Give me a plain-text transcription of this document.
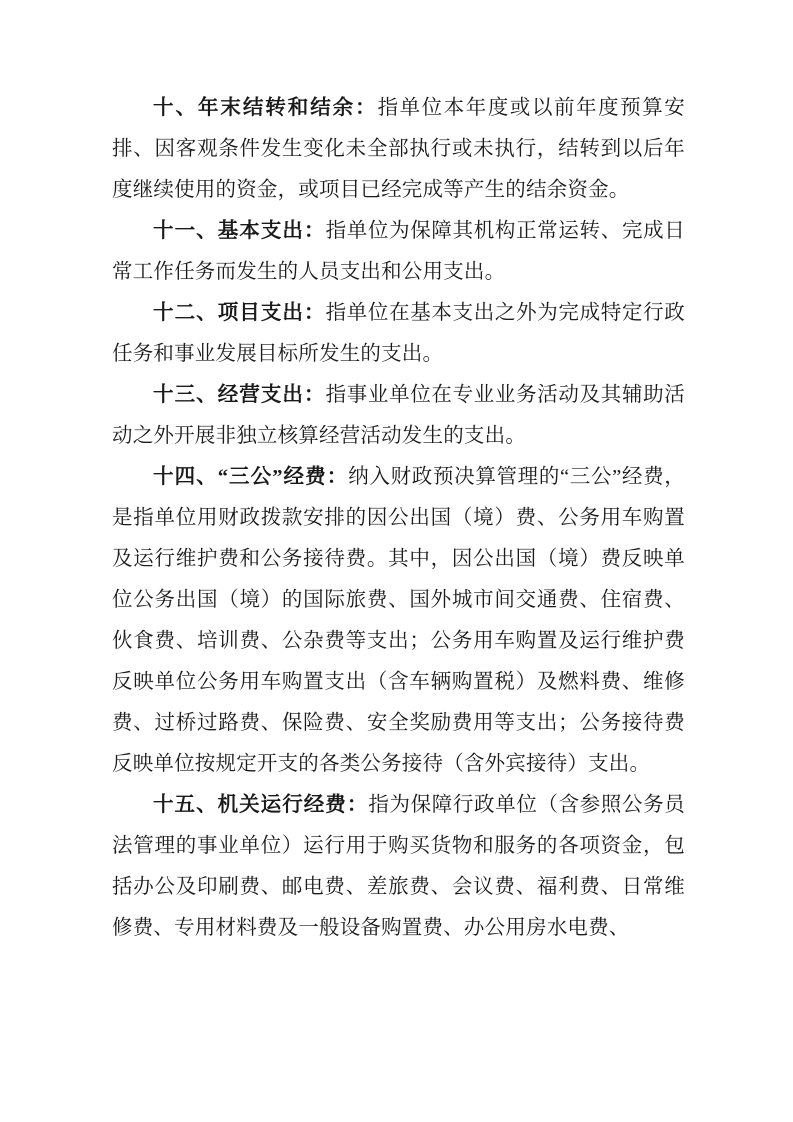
十、年末结转和结余：指单位本年度或以前年度预算安排、因客观条件发生变化未全部执行或未执行，结转到以后年度继续使用的资金，或项目已经完成等产生的结余资金。

十一、基本支出：指单位为保障其机构正常运转、完成日常工作任务而发生的人员支出和公用支出。

十二、项目支出：指单位在基本支出之外为完成特定行政任务和事业发展目标所发生的支出。

十三、经营支出：指事业单位在专业业务活动及其辅助活动之外开展非独立核算经营活动发生的支出。

十四、“三公”经费：纳入财政预决算管理的“三公”经费，是指单位用财政拨款安排的因公出国（境）费、公务用车购置及运行维护费和公务接待费。其中，因公出国（境）费反映单位公务出国（境）的国际旅费、国外城市间交通费、住宿费、伙食费、培训费、公杂费等支出；公务用车购置及运行维护费反映单位公务用车购置支出（含车辆购置税）及燃料费、维修费、过桥过路费、保险费、安全奖励费用等支出；公务接待费反映单位按规定开支的各类公务接待（含外宾接待）支出。

十五、机关运行经费：指为保障行政单位（含参照公务员法管理的事业单位）运行用于购买货物和服务的各项资金，包括办公及印刷费、邮电费、差旅费、会议费、福利费、日常维修费、专用材料费及一般设备购置费、办公用房水电费、
